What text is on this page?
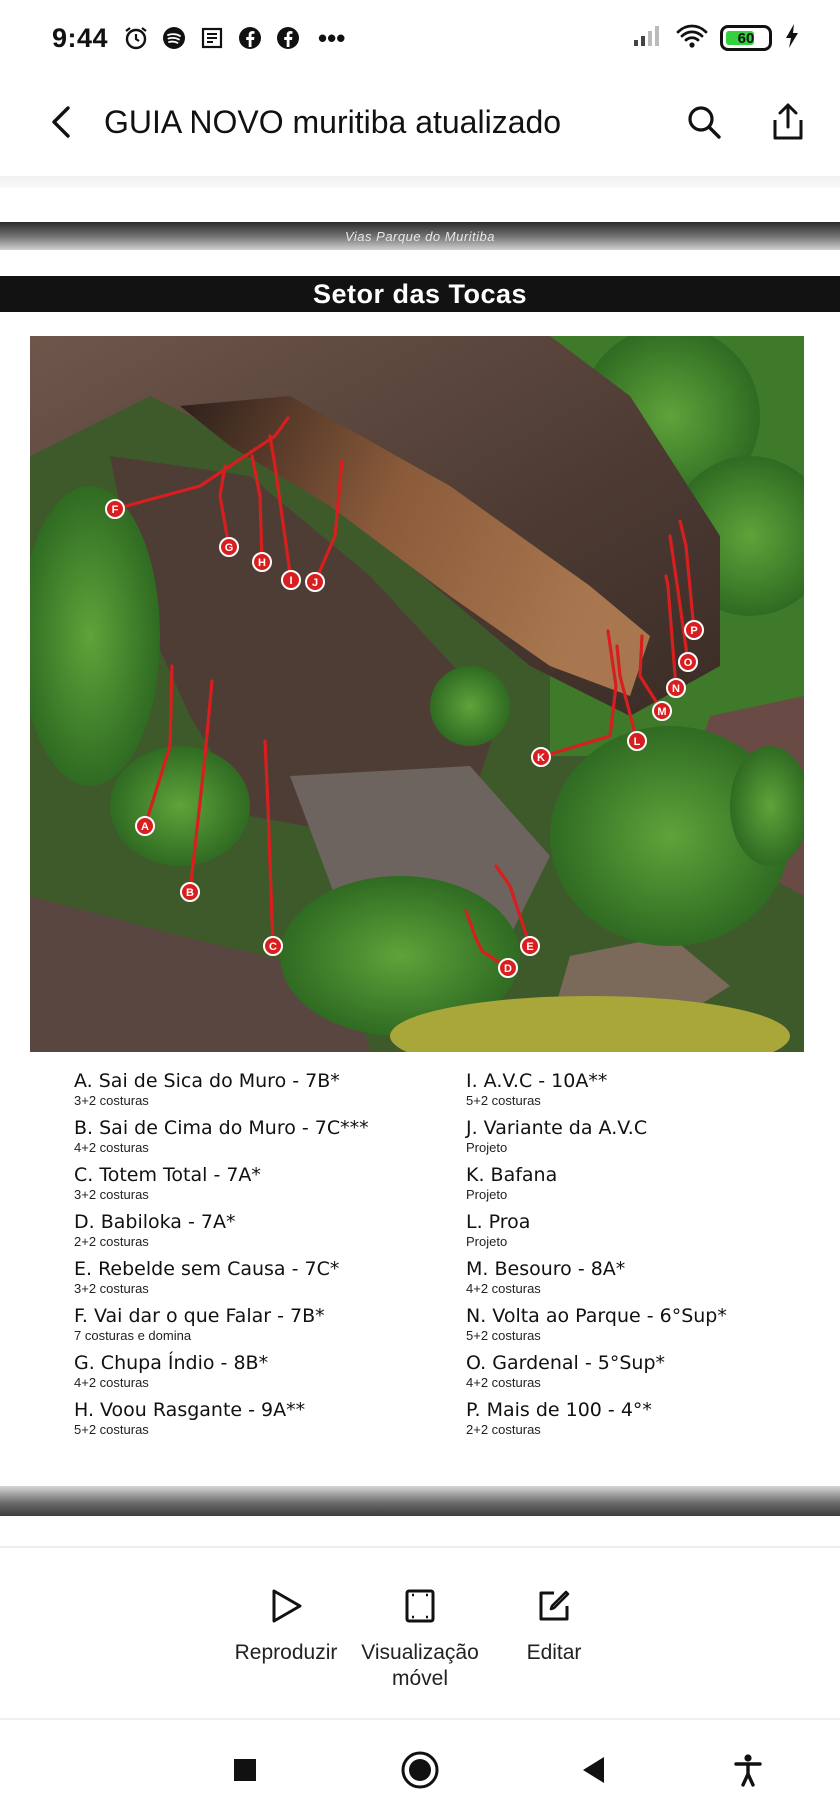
9:44	•••	60
GUIA NOVO muritiba atualizado
Vias Parque do Muritiba
Setor das Tocas
A
B
C
D
E
F
G
H
I J
K
L
M
N
O
P
A. Sai de Sica do Muro - 7B*
3+2 costuras
I. A.V.C - 10A**
5+2 costuras
B. Sai de Cima do Muro - 7C***
4+2 costuras
J. Variante da A.V.C
Projeto
C. Totem Total - 7A*
3+2 costuras
K. Bafana
Projeto
D. Babiloka - 7A*
2+2 costuras
L. Proa
Projeto
E. Rebelde sem Causa - 7C*
3+2 costuras
M. Besouro - 8A*
4+2 costuras
F. Vai dar o que Falar - 7B*
7 costuras e domina
N. Volta ao Parque - 6°Sup*
5+2 costuras
G. Chupa Índio - 8B*
4+2 costuras
O. Gardenal - 5°Sup*
4+2 costuras
H. Voou Rasgante - 9A**
5+2 costuras
P. Mais de 100 - 4°*
2+2 costuras
Reproduzir Visualização
móvel
Editar
